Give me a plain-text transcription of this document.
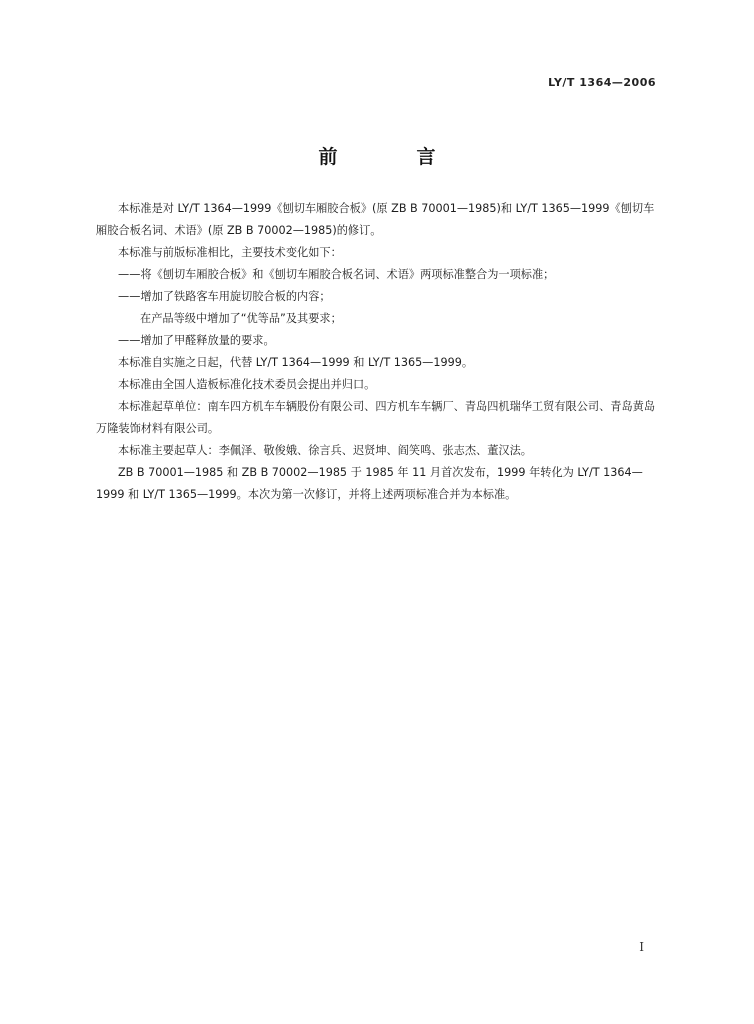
LY/T 1364—2006
前　言

本标准是对 LY/T 1364—1999《刨切车厢胶合板》(原 ZB B 70001—1985)和 LY/T 1365—1999《刨切车厢胶合板名词、术语》(原 ZB B 70002—1985)的修订。

本标准与前版标准相比，主要技术变化如下：

——将《刨切车厢胶合板》和《刨切车厢胶合板名词、术语》两项标准整合为一项标准；

——增加了铁路客车用旋切胶合板的内容；

在产品等级中增加了“优等品”及其要求；

——增加了甲醛释放量的要求。

本标准自实施之日起，代替 LY/T 1364—1999 和 LY/T 1365—1999。

本标准由全国人造板标准化技术委员会提出并归口。

本标准起草单位：南车四方机车车辆股份有限公司、四方机车车辆厂、青岛四机瑞华工贸有限公司、青岛黄岛万隆装饰材料有限公司。

本标准主要起草人：李佩泽、敬俊娥、徐言兵、迟贤坤、阎笑鸣、张志杰、董汉法。

ZB B 70001—1985 和 ZB B 70002—1985 于 1985 年 11 月首次发布，1999 年转化为 LY/T 1364—1999 和 LY/T 1365—1999。本次为第一次修订，并将上述两项标准合并为本标准。

I
